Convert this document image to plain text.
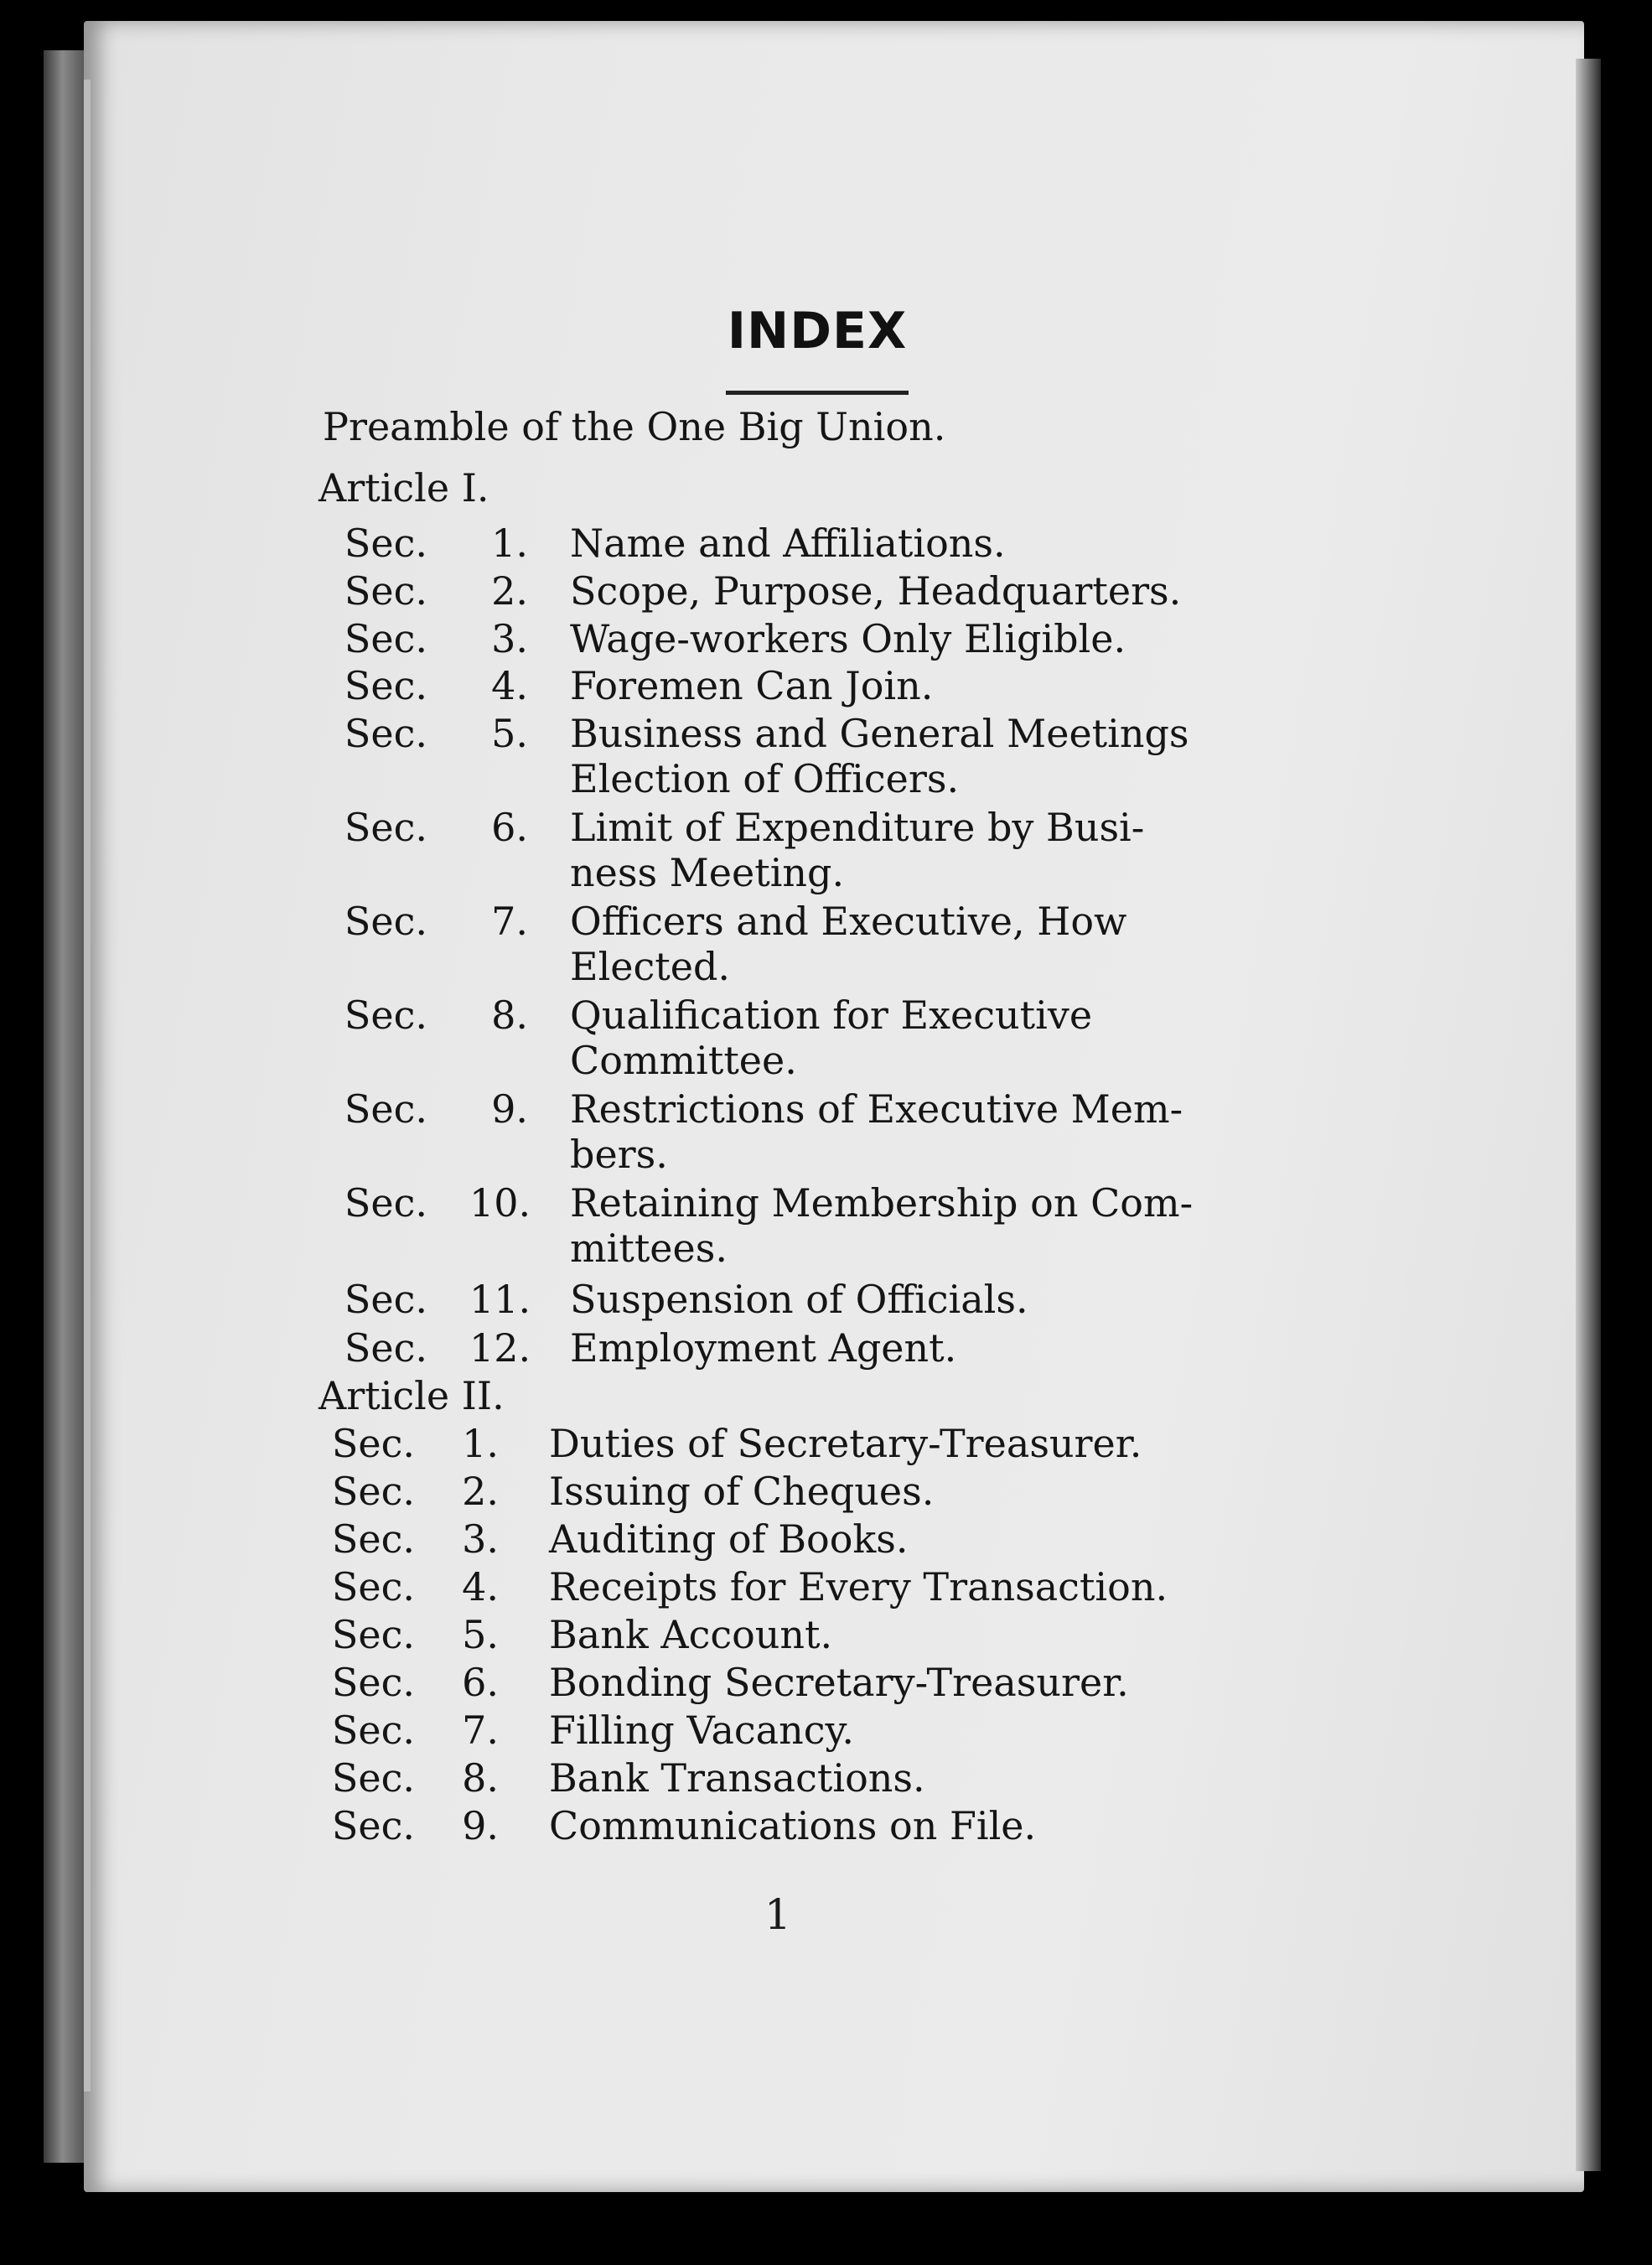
INDEX
Preamble of the One Big Union.
Article I.
Sec.	1. Name and Affiliations.
Sec.	2. Scope, Purpose, Headquarters.
Sec.	3. Wage-workers Only Eligible.
Sec.	4. Foremen Can Join.
Sec.	5. Business and General Meetings
Election of Officers.
Sec.	6. Limit of Expenditure by Busi-
ness Meeting.
Sec.	7. Officers and Executive, How
Elected.
Sec.	8. Qualification for Executive
Committee.
Sec.	9. Restrictions of Executive Mem-
bers.
Sec. 10. Retaining Membership on Com-
mittees.
Sec. 11. Suspension of Officials.
Sec. 12. Employment Agent.
Article II.
Sec.	1. Duties of Secretary-Treasurer.
Sec.	2. Issuing of Cheques.
Sec.	3. Auditing of Books.
Sec.	4. Receipts for Every Transaction.
Sec.	5. Bank Account.
Sec.	6. Bonding Secretary-Treasurer.
Sec.	7. Filling Vacancy.
Sec.	8. Bank Transactions.
Sec.	9. Communications on File.
1
